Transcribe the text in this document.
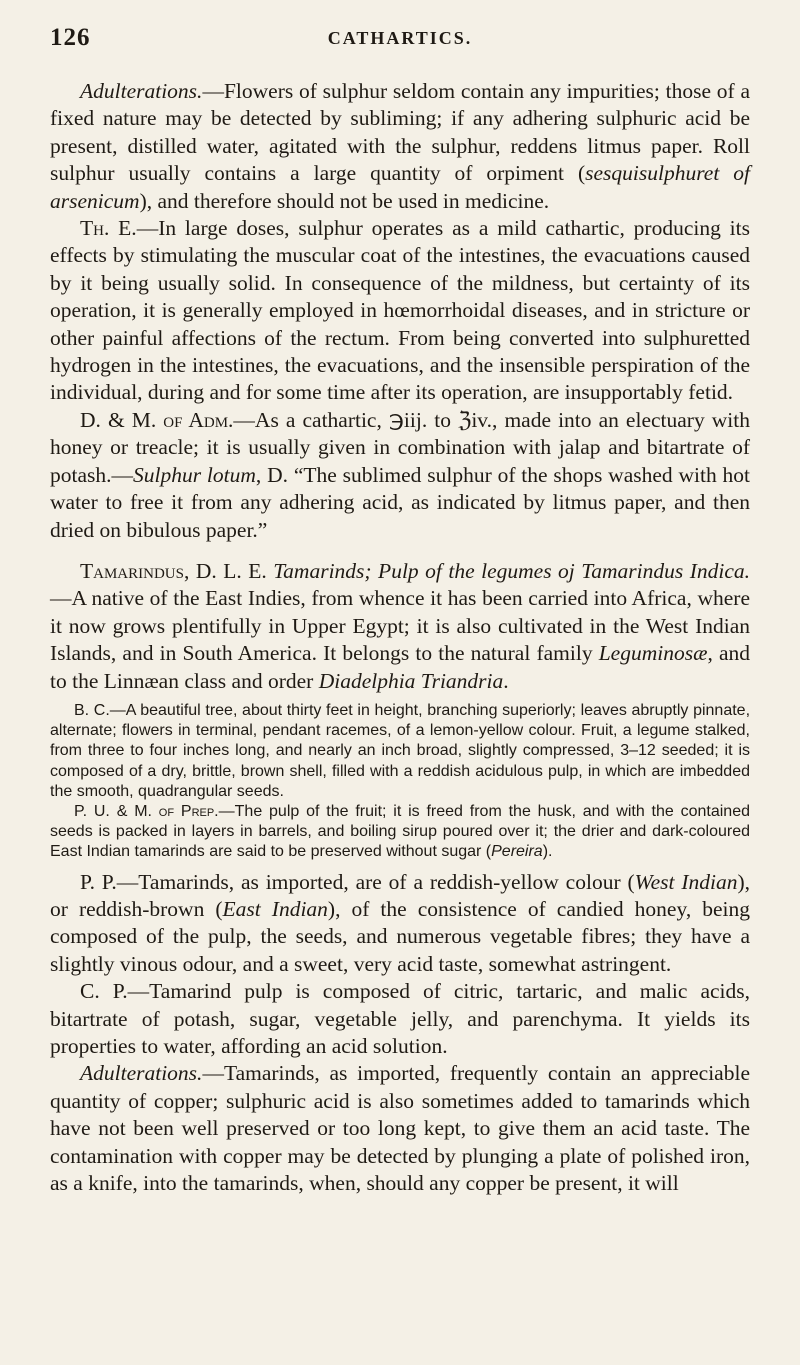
126	CATHARTICS.

Adulterations.—Flowers of sulphur seldom contain any impurities; those of a fixed nature may be detected by subliming; if any adhering sulphuric acid be present, distilled water, agitated with the sulphur, reddens litmus paper. Roll sulphur usually contains a large quantity of orpiment (sesquisulphuret of arsenicum), and therefore should not be used in medicine.

Th. E.—In large doses, sulphur operates as a mild cathartic, producing its effects by stimulating the muscular coat of the intestines, the evacuations caused by it being usually solid. In consequence of the mildness, but certainty of its operation, it is generally employed in hœmorrhoidal diseases, and in stricture or other painful affections of the rectum. From being converted into sulphuretted hydrogen in the intestines, the evacuations, and the insensible perspiration of the individual, during and for some time after its operation, are insupportably fetid.

D. & M. of Adm.—As a cathartic, ℈iij. to ℨiv., made into an electuary with honey or treacle; it is usually given in combination with jalap and bitartrate of potash.—Sulphur lotum, D. “The sublimed sulphur of the shops washed with hot water to free it from any adhering acid, as indicated by litmus paper, and then dried on bibulous paper.”

Tamarindus, D. L. E. Tamarinds; Pulp of the legumes oj Tamarindus Indica.—A native of the East Indies, from whence it has been carried into Africa, where it now grows plentifully in Upper Egypt; it is also cultivated in the West Indian Islands, and in South America. It belongs to the natural family Leguminosæ, and to the Linnæan class and order Diadelphia Triandria.

B. C.—A beautiful tree, about thirty feet in height, branching superiorly; leaves abruptly pinnate, alternate; flowers in terminal, pendant racemes, of a lemon-yellow colour. Fruit, a legume stalked, from three to four inches long, and nearly an inch broad, slightly compressed, 3–12 seeded; it is composed of a dry, brittle, brown shell, filled with a reddish acidulous pulp, in which are imbedded the smooth, quadrangular seeds.

P. U. & M. of Prep.—The pulp of the fruit; it is freed from the husk, and with the contained seeds is packed in layers in barrels, and boiling sirup poured over it; the drier and dark-coloured East Indian tamarinds are said to be preserved without sugar (Pereira).

P. P.—Tamarinds, as imported, are of a reddish-yellow colour (West Indian), or reddish-brown (East Indian), of the consistence of candied honey, being composed of the pulp, the seeds, and numerous vegetable fibres; they have a slightly vinous odour, and a sweet, very acid taste, somewhat astringent.

C. P.—Tamarind pulp is composed of citric, tartaric, and malic acids, bitartrate of potash, sugar, vegetable jelly, and parenchyma. It yields its properties to water, affording an acid solution.

Adulterations.—Tamarinds, as imported, frequently contain an appreciable quantity of copper; sulphuric acid is also sometimes added to tamarinds which have not been well preserved or too long kept, to give them an acid taste. The contamination with copper may be detected by plunging a plate of polished iron, as a knife, into the tamarinds, when, should any copper be present, it will
